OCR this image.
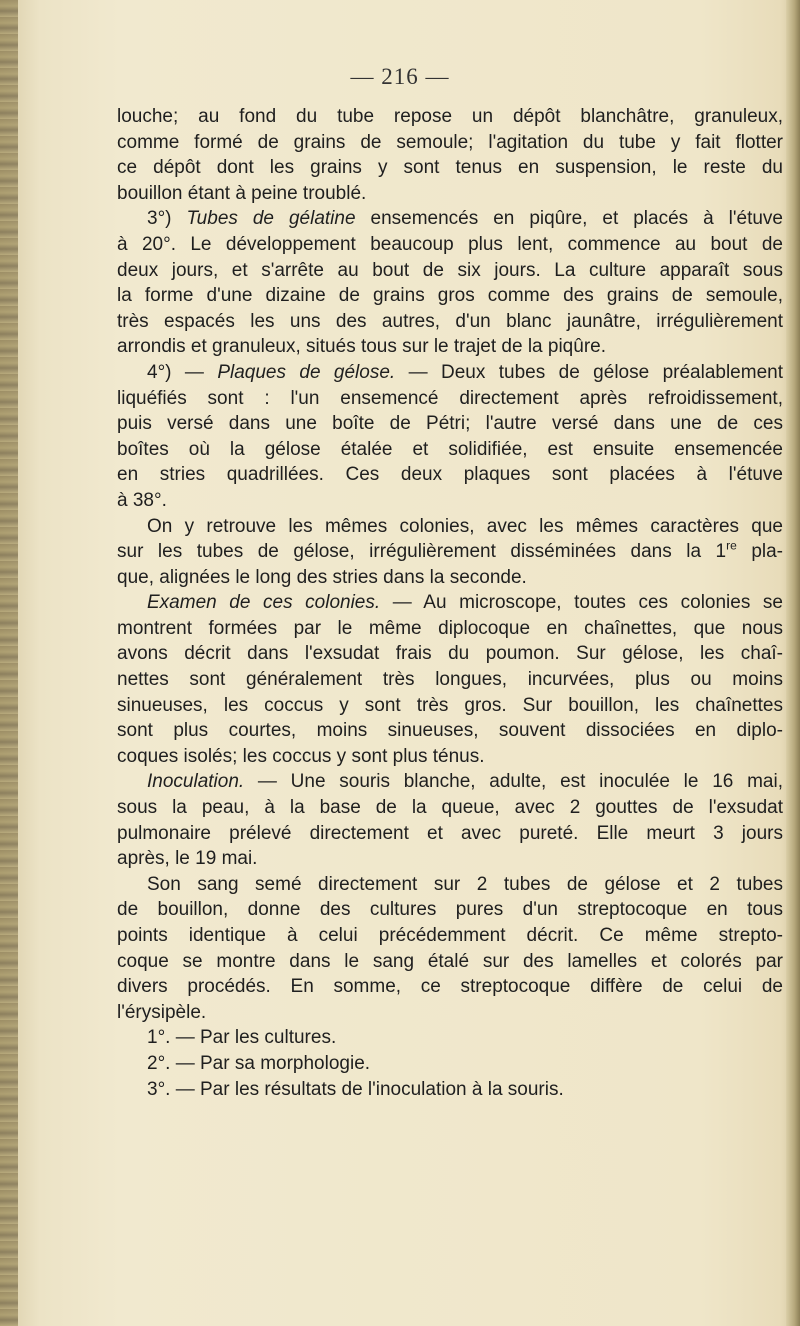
— 216 —
louche; au fond du tube repose un dépôt blanchâtre, granuleux,
comme formé de grains de semoule; l'agitation du tube y fait flotter
ce dépôt dont les grains y sont tenus en suspension, le reste du
bouillon étant à peine troublé.
3°) Tubes de gélatine ensemencés en piqûre, et placés à l'étuve
à 20°. Le développement beaucoup plus lent, commence au bout de
deux jours, et s'arrête au bout de six jours. La culture apparaît sous
la forme d'une dizaine de grains gros comme des grains de semoule,
très espacés les uns des autres, d'un blanc jaunâtre, irrégulièrement
arrondis et granuleux, situés tous sur le trajet de la piqûre.
4°) — Plaques de gélose. — Deux tubes de gélose préalablement
liquéfiés sont : l'un ensemencé directement après refroidissement,
puis versé dans une boîte de Pétri; l'autre versé dans une de ces
boîtes où la gélose étalée et solidifiée, est ensuite ensemencée
en stries quadrillées. Ces deux plaques sont placées à l'étuve
à 38°.
On y retrouve les mêmes colonies, avec les mêmes caractères que
sur les tubes de gélose, irrégulièrement disséminées dans la 1re pla-
que, alignées le long des stries dans la seconde.
Examen de ces colonies. — Au microscope, toutes ces colonies se
montrent formées par le même diplocoque en chaînettes, que nous
avons décrit dans l'exsudat frais du poumon. Sur gélose, les chaî-
nettes sont généralement très longues, incurvées, plus ou moins
sinueuses, les coccus y sont très gros. Sur bouillon, les chaînettes
sont plus courtes, moins sinueuses, souvent dissociées en diplo-
coques isolés; les coccus y sont plus ténus.
Inoculation. — Une souris blanche, adulte, est inoculée le 16 mai,
sous la peau, à la base de la queue, avec 2 gouttes de l'exsudat
pulmonaire prélevé directement et avec pureté. Elle meurt 3 jours
après, le 19 mai.
Son sang semé directement sur 2 tubes de gélose et 2 tubes
de bouillon, donne des cultures pures d'un streptocoque en tous
points identique à celui précédemment décrit. Ce même strepto-
coque se montre dans le sang étalé sur des lamelles et colorés par
divers procédés. En somme, ce streptocoque diffère de celui de
l'érysipèle.
1°. — Par les cultures.
2°. — Par sa morphologie.
3°. — Par les résultats de l'inoculation à la souris.
